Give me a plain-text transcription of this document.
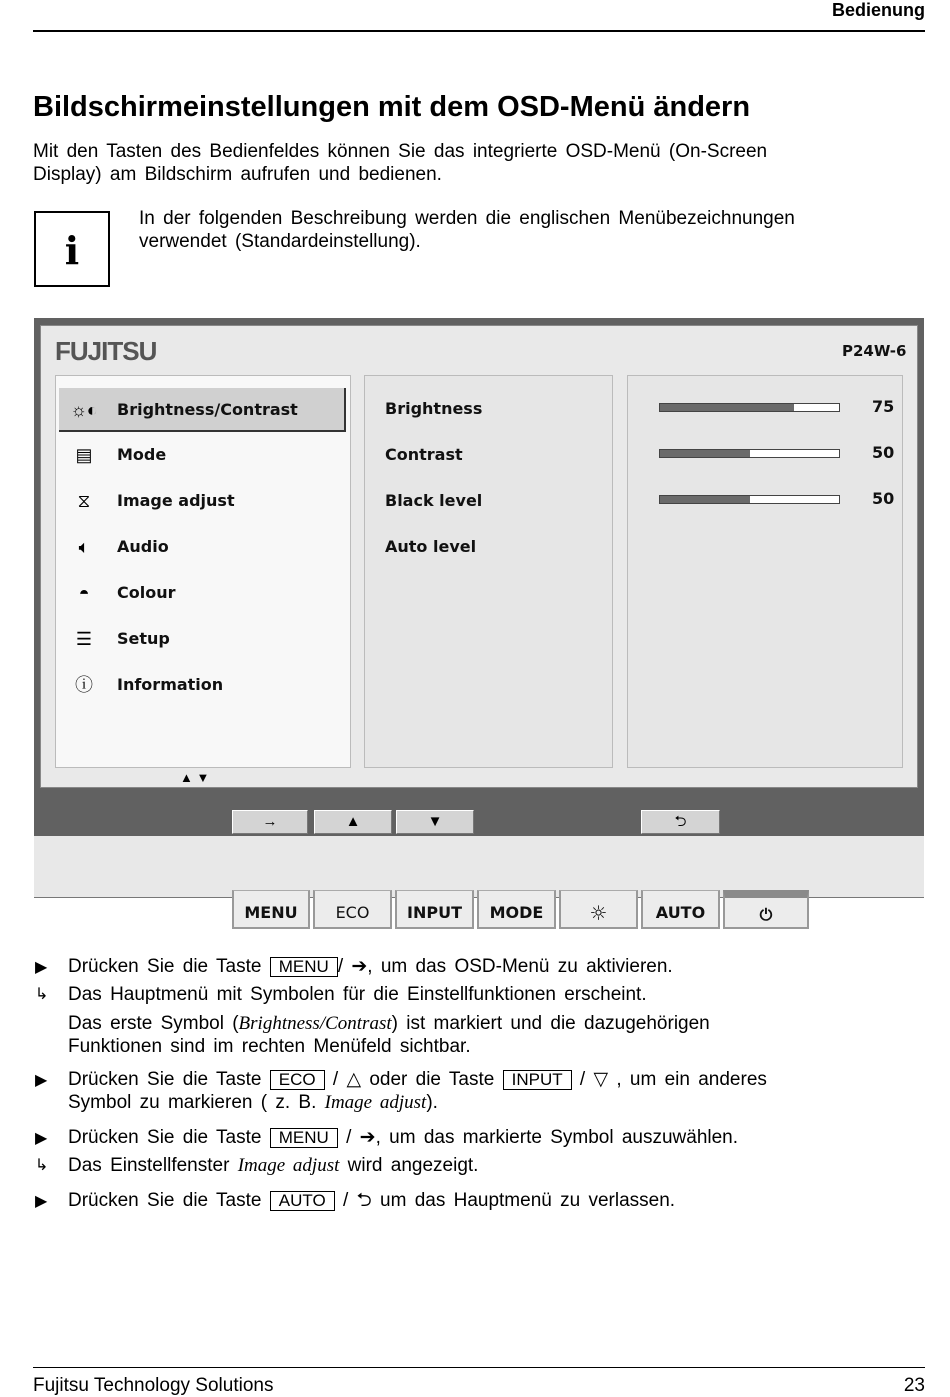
Bedienung
Bildschirmeinstellungen mit dem OSD-Menü ändern
Mit den Tasten des Bedienfeldes können Sie das integrierte OSD-Menü (On-Screen
Display) am Bildschirm aufrufen und bedienen.
i
In der folgenden Beschreibung werden die englischen Menübezeichnungen
verwendet (Standardeinstellung).
FUJITSU	P24W-6
☼◐ Brightness/Contrast
▤	Mode
⧖	Image adjust
🔈︎	Audio
◓	Colour
☰	Setup
ⓘ	Information
Brightness
Contrast
Black level
Auto level
75
50
50
▲ ▼
→	▲	▼	⮌
MENU	ECO	INPUT	MODE	☼	AUTO	⏻
▶ Drücken Sie die Taste MENU / ➔, um das OSD-Menü zu aktivieren.
↳ Das Hauptmenü mit Symbolen für die Einstellfunktionen erscheint.
Das erste Symbol (Brightness/Contrast) ist markiert und die dazugehörigen
Funktionen sind im rechten Menüfeld sichtbar.
▶ Drücken Sie die Taste ECO / △ oder die Taste INPUT / ▽ , um ein anderes
Symbol zu markieren ( z. B. Image adjust).
▶ Drücken Sie die Taste MENU / ➔, um das markierte Symbol auszuwählen.
↳ Das Einstellfenster Image adjust wird angezeigt.
▶ Drücken Sie die Taste AUTO / ⮌ um das Hauptmenü zu verlassen.
Fujitsu Technology Solutions	23
